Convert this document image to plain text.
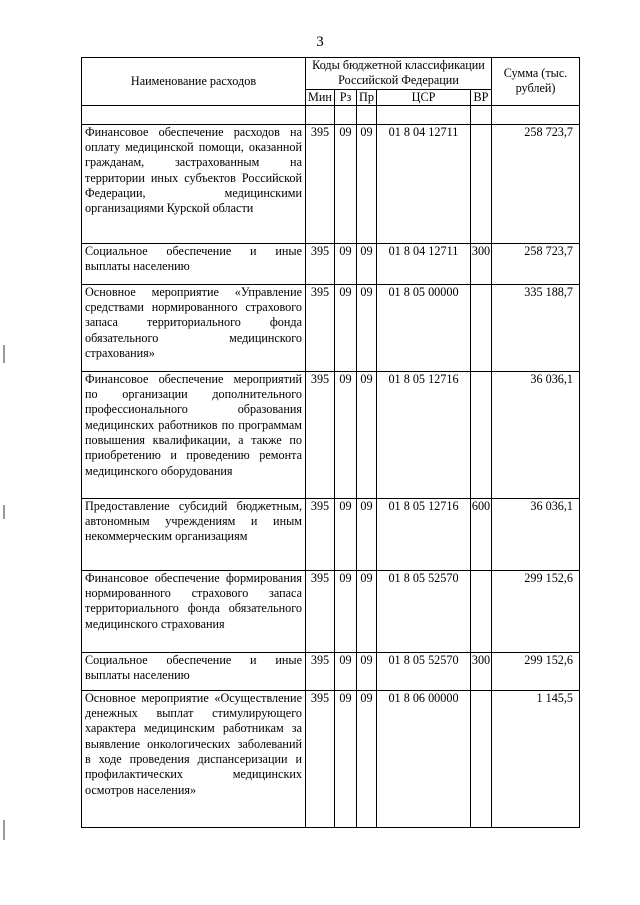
3
Наименование расходов	Коды бюджетной классификации Российской Федерации					Сумма (тыс. рублей)
	Мин	Рз	Пр	ЦСР	ВР	

Финансовое обеспечение расходов на оплату медицинской помощи, оказанной гражданам, застрахованным на территории иных субъектов Российской Федерации, медицинскими организациями Курской области	395	09	09	01 8 04 12711		258 723,7
Социальное обеспечение и иные выплаты населению	395	09	09	01 8 04 12711	300	258 723,7
Основное мероприятие «Управление средствами нормированного страхового запаса территориального фонда обязательного медицинского страхования»	395	09	09	01 8 05 00000		335 188,7
Финансовое обеспечение мероприятий по организации дополнительного профессионального образования медицинских работников по программам повышения квалификации, а также по приобретению и проведению ремонта медицинского оборудования	395	09	09	01 8 05 12716		36 036,1
Предоставление субсидий бюджетным, автономным учреждениям и иным некоммерческим организациям	395	09	09	01 8 05 12716	600	36 036,1
Финансовое обеспечение формирования нормированного страхового запаса территориального фонда обязательного медицинского страхования	395	09	09	01 8 05 52570		299 152,6
Социальное обеспечение и иные выплаты населению	395	09	09	01 8 05 52570	300	299 152,6
Основное мероприятие «Осуществление денежных выплат стимулирующего характера медицинским работникам за выявление онкологических заболеваний в ходе проведения диспансеризации и профилактических медицинских осмотров населения»	395	09	09	01 8 06 00000		1 145,5
